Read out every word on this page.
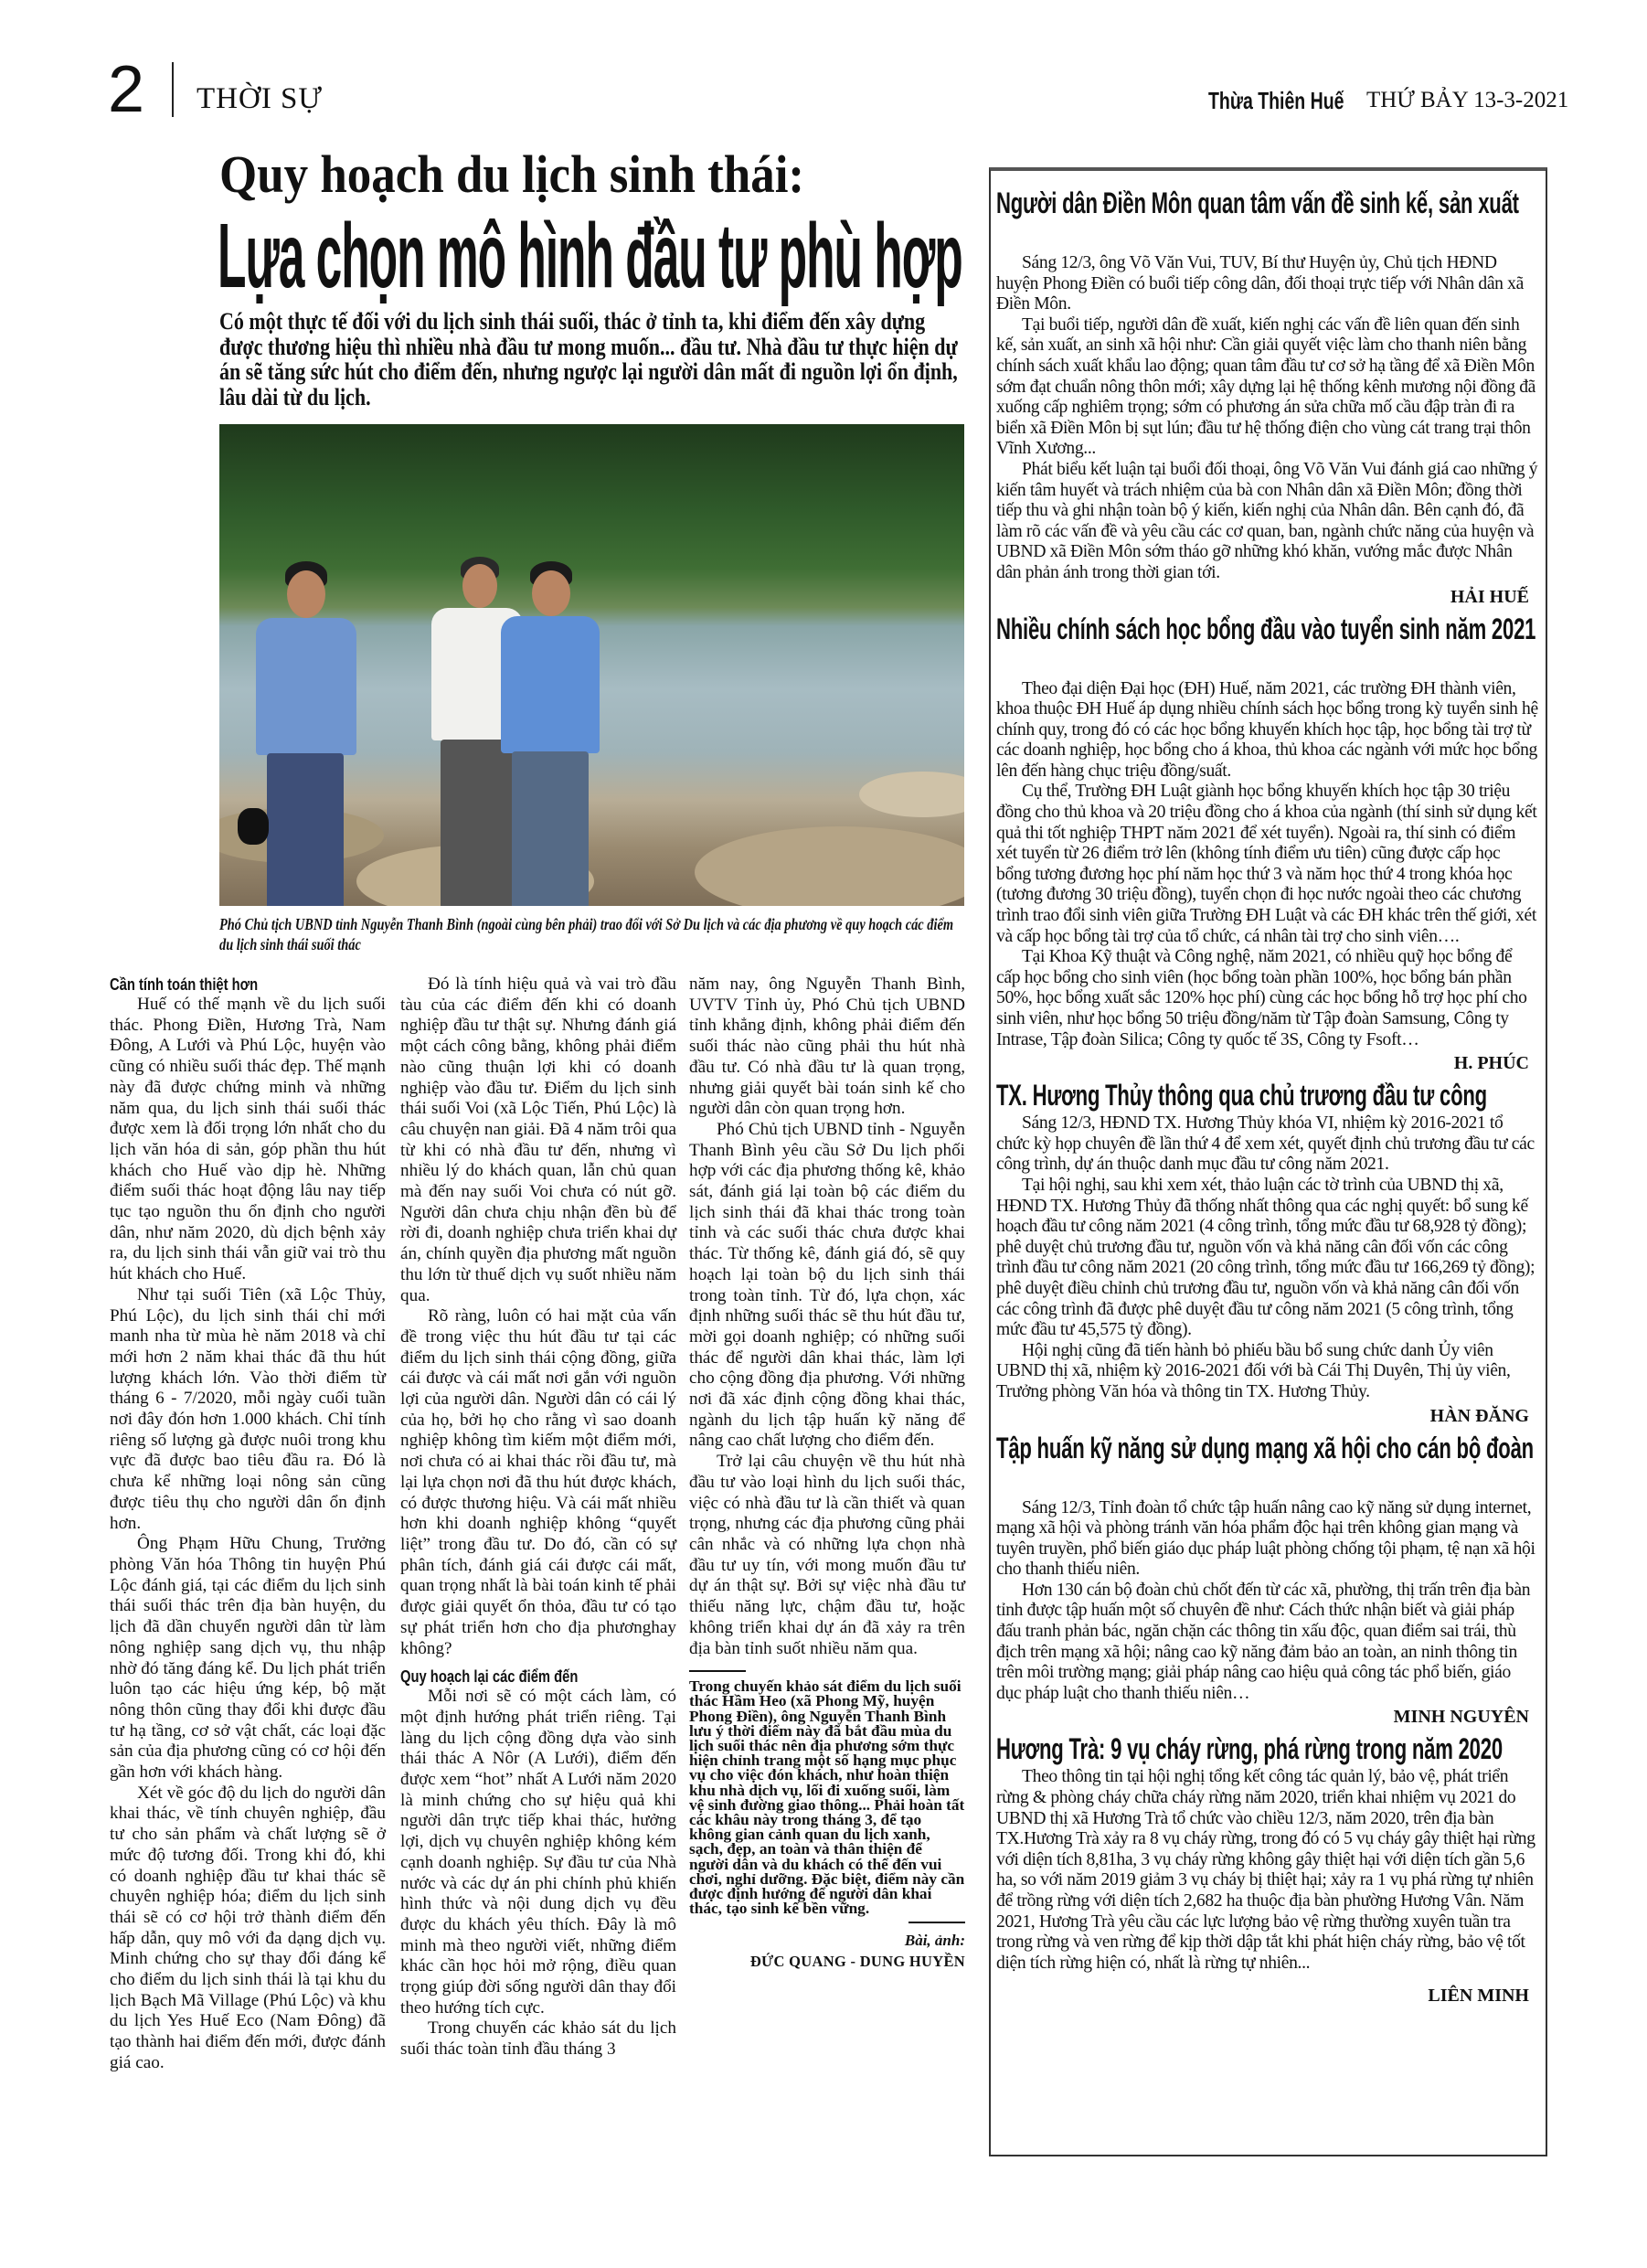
2 THỜI SỰ	Thừa Thiên Huế THỨ BẢY 13-3-2021
Quy hoạch du lịch sinh thái:
Lựa chọn mô hình đầu tư phù hợp

Có một thực tế đối với du lịch sinh thái suối, thác ở tỉnh ta, khi điểm đến xây dựng được thương hiệu thì nhiều nhà đầu tư mong muốn... đầu tư. Nhà đầu tư thực hiện dự án sẽ tăng sức hút cho điểm đến, nhưng ngược lại người dân mất đi nguồn lợi ổn định, lâu dài từ du lịch.

Phó Chủ tịch UBND tỉnh Nguyễn Thanh Bình (ngoài cùng bên phải) trao đổi với Sở Du lịch và các địa phương về quy hoạch các điểm du lịch sinh thái suối thác
Cần tính toán thiệt hơn

Huế có thế mạnh về du lịch suối thác. Phong Điền, Hương Trà, Nam Đông, A Lưới và Phú Lộc, huyện vào cũng có nhiều suối thác đẹp. Thế mạnh này đã được chứng minh và những năm qua, du lịch sinh thái suối thác được xem là đối trọng lớn nhất cho du lịch văn hóa di sản, góp phần thu hút khách cho Huế vào dịp hè. Những điểm suối thác hoạt động lâu nay tiếp tục tạo nguồn thu ổn định cho người dân, như năm 2020, dù dịch bệnh xảy ra, du lịch sinh thái vẫn giữ vai trò thu hút khách cho Huế.

Như tại suối Tiên (xã Lộc Thủy, Phú Lộc), du lịch sinh thái chỉ mới manh nha từ mùa hè năm 2018 và chỉ mới hơn 2 năm khai thác đã thu hút lượng khách lớn. Vào thời điểm từ tháng 6 - 7/2020, mỗi ngày cuối tuần nơi đây đón hơn 1.000 khách. Chỉ tính riêng số lượng gà được nuôi trong khu vực đã được bao tiêu đầu ra. Đó là chưa kể những loại nông sản cũng được tiêu thụ cho người dân ổn định hơn.

Ông Phạm Hữu Chung, Trưởng phòng Văn hóa Thông tin huyện Phú Lộc đánh giá, tại các điểm du lịch sinh thái suối thác trên địa bàn huyện, du lịch đã dần chuyển người dân từ làm nông nghiệp sang dịch vụ, thu nhập nhờ đó tăng đáng kể. Du lịch phát triển luôn tạo các hiệu ứng kép, bộ mặt nông thôn cũng thay đổi khi được đầu tư hạ tầng, cơ sở vật chất, các loại đặc sản của địa phương cũng có cơ hội đến gần hơn với khách hàng.

Xét về góc độ du lịch do người dân khai thác, về tính chuyên nghiệp, đầu tư cho sản phẩm và chất lượng sẽ ở mức độ tương đối. Trong khi đó, khi có doanh nghiệp đầu tư khai thác sẽ chuyên nghiệp hóa; điểm du lịch sinh thái sẽ có cơ hội trở thành điểm đến hấp dẫn, quy mô với đa dạng dịch vụ. Minh chứng cho sự thay đổi đáng kể cho điểm du lịch sinh thái là tại khu du lịch Bạch Mã Village (Phú Lộc) và khu du lịch Yes Huế Eco (Nam Đông) đã tạo thành hai điểm đến mới, được đánh giá cao.

Đó là tính hiệu quả và vai trò đầu tàu của các điểm đến khi có doanh nghiệp đầu tư thật sự. Nhưng đánh giá một cách công bằng, không phải điểm nào cũng thuận lợi khi có doanh nghiệp vào đầu tư. Điểm du lịch sinh thái suối Voi (xã Lộc Tiến, Phú Lộc) là câu chuyện nan giải. Đã 4 năm trôi qua từ khi có nhà đầu tư đến, nhưng vì nhiều lý do khách quan, lẫn chủ quan mà đến nay suối Voi chưa có nút gỡ. Người dân chưa chịu nhận đền bù để rời đi, doanh nghiệp chưa triển khai dự án, chính quyền địa phương mất nguồn thu lớn từ thuế dịch vụ suốt nhiều năm qua.

Rõ ràng, luôn có hai mặt của vấn đề trong việc thu hút đầu tư tại các điểm du lịch sinh thái cộng đồng, giữa cái được và cái mất nơi gắn với nguồn lợi của người dân. Người dân có cái lý của họ, bởi họ cho rằng vì sao doanh nghiệp không tìm kiếm một điểm mới, nơi chưa có ai khai thác rồi đầu tư, mà lại lựa chọn nơi đã thu hút được khách, có được thương hiệu. Và cái mất nhiều hơn khi doanh nghiệp không “quyết liệt” trong đầu tư. Do đó, cần có sự phân tích, đánh giá cái được cái mất, quan trọng nhất là bài toán kinh tế phải được giải quyết ổn thỏa, đầu tư có tạo sự phát triển hơn cho địa phươnghay không?

Quy hoạch lại các điểm đến

Mỗi nơi sẽ có một cách làm, có một định hướng phát triển riêng. Tại làng du lịch cộng đồng dựa vào sinh thái thác A Nôr (A Lưới), điểm đến được xem “hot” nhất A Lưới năm 2020 là minh chứng cho sự hiệu quả khi người dân trực tiếp khai thác, hưởng lợi, dịch vụ chuyên nghiệp không kém cạnh doanh nghiệp. Sự đầu tư của Nhà nước và các dự án phi chính phủ khiến hình thức và nội dung dịch vụ đều được du khách yêu thích. Đây là mô minh mà theo người viết, những điểm khác cần học hỏi mở rộng, điều quan trọng giúp đời sống người dân thay đổi theo hướng tích cực.

Trong chuyến các khảo sát du lịch suối thác toàn tỉnh đầu tháng 3

năm nay, ông Nguyễn Thanh Bình, UVTV Tỉnh ủy, Phó Chủ tịch UBND tỉnh khẳng định, không phải điểm đến suối thác nào cũng phải thu hút nhà đầu tư. Có nhà đầu tư là quan trọng, nhưng giải quyết bài toán sinh kế cho người dân còn quan trọng hơn.

Phó Chủ tịch UBND tỉnh - Nguyễn Thanh Bình yêu cầu Sở Du lịch phối hợp với các địa phương thống kê, khảo sát, đánh giá lại toàn bộ các điểm du lịch sinh thái đã khai thác trong toàn tỉnh và các suối thác chưa được khai thác. Từ thống kê, đánh giá đó, sẽ quy hoạch lại toàn bộ du lịch sinh thái trong toàn tỉnh. Từ đó, lựa chọn, xác định những suối thác sẽ thu hút đầu tư, mời gọi doanh nghiệp; có những suối thác để người dân khai thác, làm lợi cho cộng đồng địa phương. Với những nơi đã xác định cộng đồng khai thác, ngành du lịch tập huấn kỹ năng để nâng cao chất lượng cho điểm đến.

Trở lại câu chuyện về thu hút nhà đầu tư vào loại hình du lịch suối thác, việc có nhà đầu tư là cần thiết và quan trọng, nhưng các địa phương cũng phải cân nhắc và có những lựa chọn nhà đầu tư uy tín, với mong muốn đầu tư dự án thật sự. Bởi sự việc nhà đầu tư thiếu năng lực, chậm đầu tư, hoặc không triển khai dự án đã xảy ra trên địa bàn tỉnh suốt nhiều năm qua.

Trong chuyến khảo sát điểm du lịch suối thác Hầm Heo (xã Phong Mỹ, huyện Phong Điền), ông Nguyễn Thanh Bình lưu ý thời điểm này đã bắt đầu mùa du lịch suối thác nên địa phương sớm thực hiện chỉnh trang một số hạng mục phục vụ cho việc đón khách, như hoàn thiện khu nhà dịch vụ, lối đi xuống suối, làm vệ sinh đường giao thông... Phải hoàn tất các khâu này trong tháng 3, để tạo không gian cảnh quan du lịch xanh, sạch, đẹp, an toàn và thân thiện để người dân và du khách có thể đến vui chơi, nghỉ dưỡng. Đặc biệt, điểm này cần được định hướng để người dân khai thác, tạo sinh kế bền vững.
Bài, ảnh:
ĐỨC QUANG - DUNG HUYỀN
Người dân Điền Môn quan tâm vấn đề sinh kế, sản xuất

Sáng 12/3, ông Võ Văn Vui, TUV, Bí thư Huyện ủy, Chủ tịch HĐND huyện Phong Điền có buổi tiếp công dân, đối thoại trực tiếp với Nhân dân xã Điền Môn.

Tại buổi tiếp, người dân đề xuất, kiến nghị các vấn đề liên quan đến sinh kế, sản xuất, an sinh xã hội như: Cần giải quyết việc làm cho thanh niên bằng chính sách xuất khẩu lao động; quan tâm đầu tư cơ sở hạ tầng để xã Điền Môn sớm đạt chuẩn nông thôn mới; xây dựng lại hệ thống kênh mương nội đồng đã xuống cấp nghiêm trọng; sớm có phương án sửa chữa mố cầu đập tràn đi ra biển xã Điền Môn bị sụt lún; đầu tư hệ thống điện cho vùng cát trang trại thôn Vĩnh Xương...

Phát biểu kết luận tại buổi đối thoại, ông Võ Văn Vui đánh giá cao những ý kiến tâm huyết và trách nhiệm của bà con Nhân dân xã Điền Môn; đồng thời tiếp thu và ghi nhận toàn bộ ý kiến, kiến nghị của Nhân dân. Bên cạnh đó, đã làm rõ các vấn đề và yêu cầu các cơ quan, ban, ngành chức năng của huyện và UBND xã Điền Môn sớm tháo gỡ những khó khăn, vướng mắc được Nhân dân phản ánh trong thời gian tới.

HẢI HUẾ
Nhiều chính sách học bổng đầu vào tuyển sinh năm 2021

Theo đại diện Đại học (ĐH) Huế, năm 2021, các trường ĐH thành viên, khoa thuộc ĐH Huế áp dụng nhiều chính sách học bổng trong kỳ tuyển sinh hệ chính quy, trong đó có các học bổng khuyến khích học tập, học bổng tài trợ từ các doanh nghiệp, học bổng cho á khoa, thủ khoa các ngành với mức học bổng lên đến hàng chục triệu đồng/suất.

Cụ thể, Trường ĐH Luật giành học bổng khuyến khích học tập 30 triệu đồng cho thủ khoa và 20 triệu đồng cho á khoa của ngành (thí sinh sử dụng kết quả thi tốt nghiệp THPT năm 2021 để xét tuyển). Ngoài ra, thí sinh có điểm xét tuyển từ 26 điểm trở lên (không tính điểm ưu tiên) cũng được cấp học bổng tương đương học phí năm học thứ 3 và năm học thứ 4 trong khóa học (tương đương 30 triệu đồng), tuyển chọn đi học nước ngoài theo các chương trình trao đổi sinh viên giữa Trường ĐH Luật và các ĐH khác trên thế giới, xét và cấp học bổng tài trợ của tổ chức, cá nhân tài trợ cho sinh viên….

Tại Khoa Kỹ thuật và Công nghệ, năm 2021, có nhiều quỹ học bổng để cấp học bổng cho sinh viên (học bổng toàn phần 100%, học bổng bán phần 50%, học bổng xuất sắc 120% học phí) cùng các học bổng hỗ trợ học phí cho sinh viên, như học bổng 50 triệu đồng/năm từ Tập đoàn Samsung, Công ty Intrase, Tập đoàn Silica; Công ty quốc tế 3S, Công ty Fsoft…

H. PHÚC
TX. Hương Thủy thông qua chủ trương đầu tư công

Sáng 12/3, HĐND TX. Hương Thủy khóa VI, nhiệm kỳ 2016-2021 tổ chức kỳ họp chuyên đề lần thứ 4 để xem xét, quyết định chủ trương đầu tư các công trình, dự án thuộc danh mục đầu tư công năm 2021.

Tại hội nghị, sau khi xem xét, thảo luận các tờ trình của UBND thị xã, HĐND TX. Hương Thủy đã thống nhất thông qua các nghị quyết: bổ sung kế hoạch đầu tư công năm 2021 (4 công trình, tổng mức đầu tư 68,928 tỷ đồng); phê duyệt chủ trương đầu tư, nguồn vốn và khả năng cân đối vốn các công trình đầu tư công năm 2021 (20 công trình, tổng mức đầu tư 166,269 tỷ đồng); phê duyệt điều chỉnh chủ trương đầu tư, nguồn vốn và khả năng cân đối vốn các công trình đã được phê duyệt đầu tư công năm 2021 (5 công trình, tổng mức đầu tư 45,575 tỷ đồng).

Hội nghị cũng đã tiến hành bỏ phiếu bầu bổ sung chức danh Ủy viên UBND thị xã, nhiệm kỳ 2016-2021 đối với bà Cái Thị Duyên, Thị ủy viên, Trưởng phòng Văn hóa và thông tin TX. Hương Thủy.

HÀN ĐĂNG
Tập huấn kỹ năng sử dụng mạng xã hội cho cán bộ đoàn

Sáng 12/3, Tỉnh đoàn tổ chức tập huấn nâng cao kỹ năng sử dụng internet, mạng xã hội và phòng tránh văn hóa phẩm độc hại trên không gian mạng và tuyên truyền, phổ biến giáo dục pháp luật phòng chống tội phạm, tệ nạn xã hội cho thanh thiếu niên.

Hơn 130 cán bộ đoàn chủ chốt đến từ các xã, phường, thị trấn trên địa bàn tỉnh được tập huấn một số chuyên đề như: Cách thức nhận biết và giải pháp đấu tranh phản bác, ngăn chặn các thông tin xấu độc, quan điểm sai trái, thù địch trên mạng xã hội; nâng cao kỹ năng đảm bảo an toàn, an ninh thông tin trên môi trường mạng; giải pháp nâng cao hiệu quả công tác phổ biến, giáo dục pháp luật cho thanh thiếu niên…

MINH NGUYÊN
Hương Trà: 9 vụ cháy rừng, phá rừng trong năm 2020

Theo thông tin tại hội nghị tổng kết công tác quản lý, bảo vệ, phát triển rừng & phòng cháy chữa cháy rừng năm 2020, triển khai nhiệm vụ 2021 do UBND thị xã Hương Trà tổ chức vào chiều 12/3, năm 2020, trên địa bàn TX.Hương Trà xảy ra 8 vụ cháy rừng, trong đó có 5 vụ cháy gây thiệt hại rừng với diện tích 8,81ha, 3 vụ cháy rừng không gây thiệt hại với diện tích gần 5,6 ha, so với năm 2019 giảm 3 vụ cháy bị thiệt hại; xảy ra 1 vụ phá rừng tự nhiên để trồng rừng với diện tích 2,682 ha thuộc địa bàn phường Hương Vân. Năm 2021, Hương Trà yêu cầu các lực lượng bảo vệ rừng thường xuyên tuần tra trong rừng và ven rừng để kịp thời dập tắt khi phát hiện cháy rừng, bảo vệ tốt diện tích rừng hiện có, nhất là rừng tự nhiên...

LIÊN MINH
